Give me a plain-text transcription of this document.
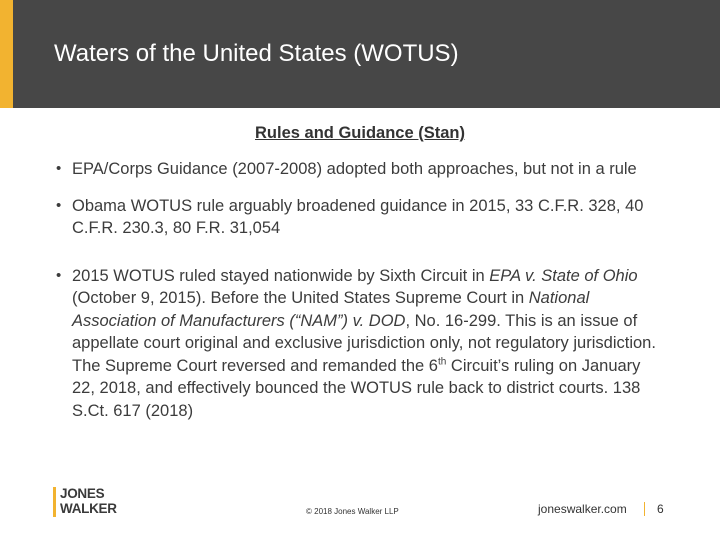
Waters of the United States (WOTUS)
Rules and Guidance (Stan)
• EPA/Corps Guidance (2007-2008) adopted both approaches, but not in a rule
• Obama WOTUS rule arguably broadened guidance in 2015, 33 C.F.R. 328, 40 C.F.R. 230.3, 80 F.R. 31,054
• 2015 WOTUS ruled stayed nationwide by Sixth Circuit in EPA v. State of Ohio (October 9, 2015). Before the United States Supreme Court in National Association of Manufacturers (“NAM”) v. DOD, No. 16-299. This is an issue of appellate court original and exclusive jurisdiction only, not regulatory jurisdiction. The Supreme Court reversed and remanded the 6th Circuit’s ruling on January 22, 2018, and effectively bounced the WOTUS rule back to district courts. 138 S.Ct. 617 (2018)
JONES
WALKER	© 2018 Jones Walker LLP	joneswalker.com	6
